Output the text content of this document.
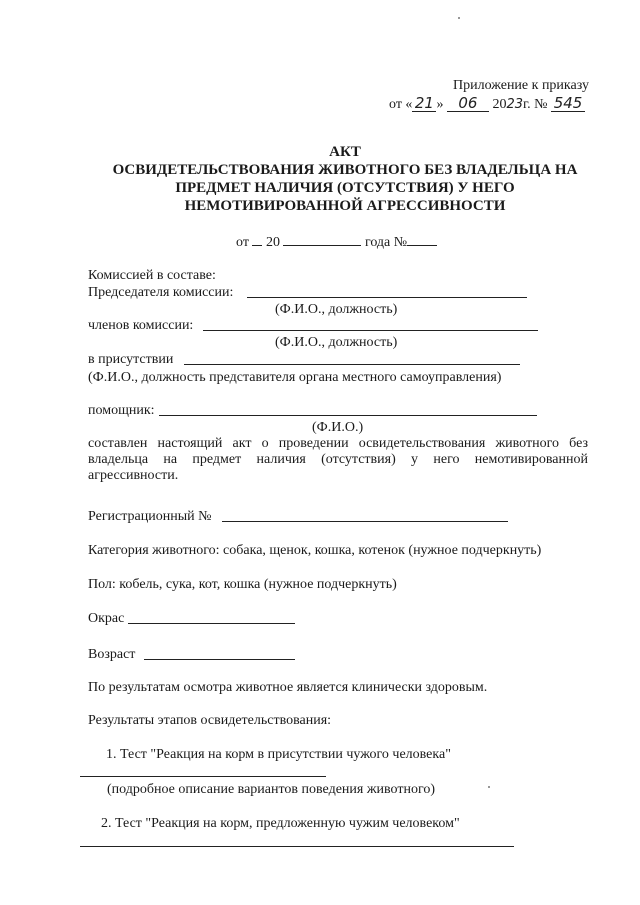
Приложение к приказу
от « 21 » 06 2023г. № 545
АКТ
ОСВИДЕТЕЛЬСТВОВАНИЯ ЖИВОТНОГО БЕЗ ВЛАДЕЛЬЦА НА
ПРЕДМЕТ НАЛИЧИЯ (ОТСУТСТВИЯ) У НЕГО
НЕМОТИВИРОВАННОЙ АГРЕССИВНОСТИ
от 20	года №
Комиссией в составе:
Председателя комиссии:
(Ф.И.О., должность)
членов комиссии:
(Ф.И.О., должность)
в присутствии
(Ф.И.О., должность представителя органа местного самоуправления)
помощник:
(Ф.И.О.)
составлен настоящий акт о проведении освидетельствования животного без владельца на предмет наличия (отсутствия) у него немотивированной агрессивности.
Регистрационный №
Категория животного: собака, щенок, кошка, котенок (нужное подчеркнуть)
Пол: кобель, сука, кот, кошка (нужное подчеркнуть)
Окрас
Возраст
По результатам осмотра животное является клинически здоровым.
Результаты этапов освидетельствования:
1. Тест "Реакция на корм в присутствии чужого человека"
(подробное описание вариантов поведения животного)
2. Тест "Реакция на корм, предложенную чужим человеком"
